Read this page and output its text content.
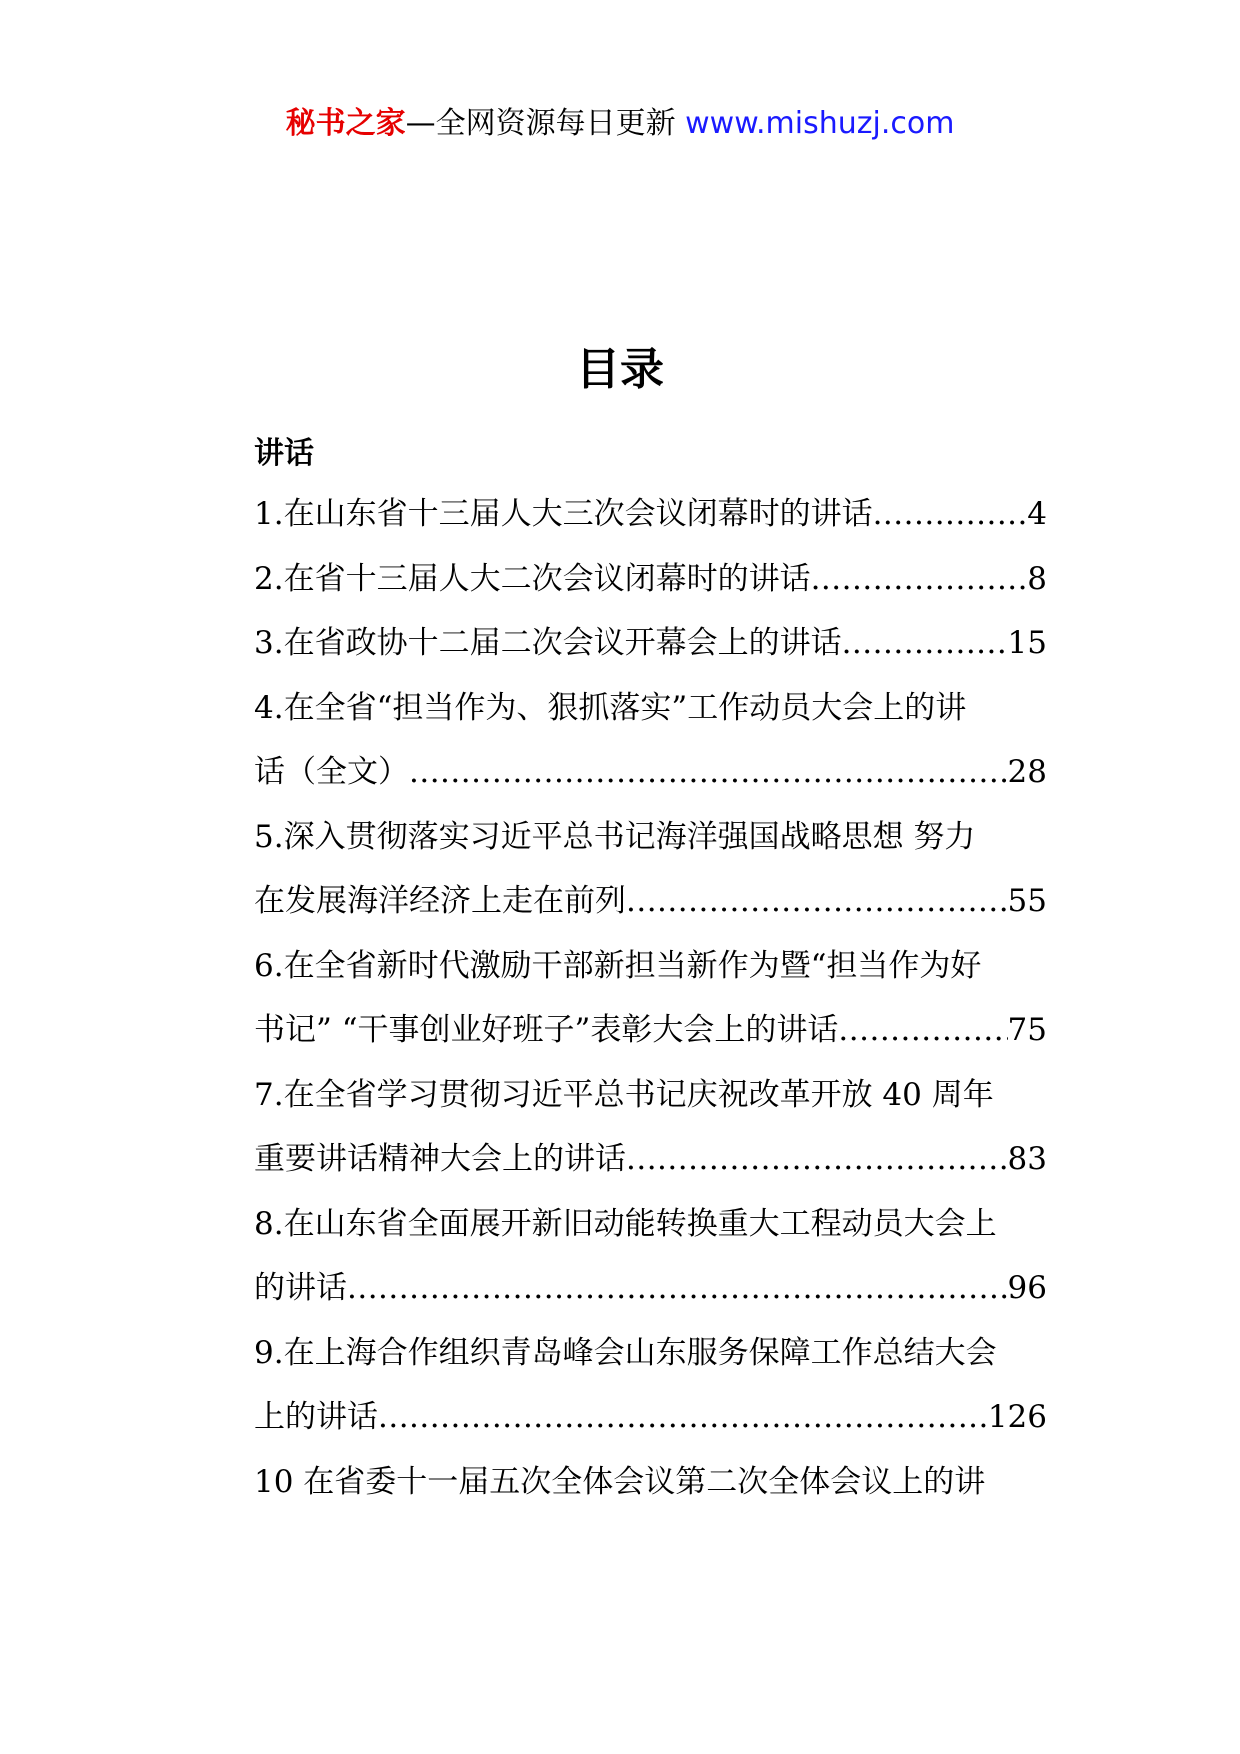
秘书之家—全网资源每日更新 www.mishuzj.com
目录
讲话
1.在山东省十三届人大三次会议闭幕时的讲话 .....	4
2.在省十三届人大二次会议闭幕时的讲话 .....	8
3.在省政协十二届二次会议开幕会上的讲话 .....	15
4.在全省“担当作为、狠抓落实”工作动员大会上的讲
话（全文） .....	28
5.深入贯彻落实习近平总书记海洋强国战略思想 努力
在发展海洋经济上走在前列 .....	55
6.在全省新时代激励干部新担当新作为暨“担当作为好
书记” “干事创业好班子”表彰大会上的讲话 .....	75
7.在全省学习贯彻习近平总书记庆祝改革开放 40 周年
重要讲话精神大会上的讲话 .....	83
8.在山东省全面展开新旧动能转换重大工程动员大会上
的讲话 .....	96
9.在上海合作组织青岛峰会山东服务保障工作总结大会
上的讲话 .....	126
10 在省委十一届五次全体会议第二次全体会议上的讲
